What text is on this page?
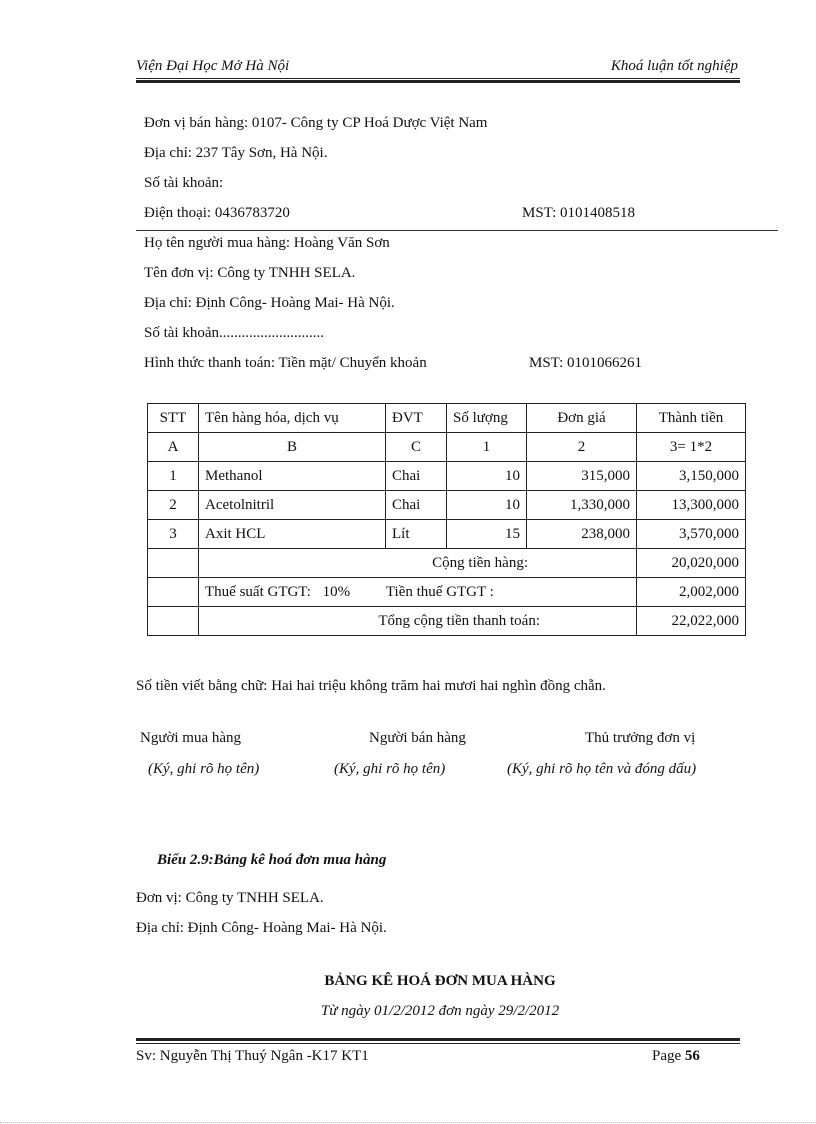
Viện Đại Học Mở Hà Nội	Khoá luận tốt nghiệp
Đơn vị bán hàng: 0107- Công ty CP Hoá Dược Việt Nam
Địa chỉ: 237 Tây Sơn, Hà Nội.
Số tài khoản:
Điện thoại: 0436783720	MST: 0101408518
Họ tên người mua hàng: Hoàng Văn Sơn
Tên đơn vị: Công ty TNHH SELA.
Địa chỉ: Định Công- Hoàng Mai- Hà Nội.
Số tài khoản............................
Hình thức thanh toán: Tiền mặt/ Chuyển khoản	MST: 0101066261
STT	Tên hàng hóa, dịch vụ	ĐVT	Số lượng	Đơn giá	Thành tiền
A	B	C	1	2	3= 1*2
1	Methanol	Chai	10	315,000	3,150,000
2	Acetolnitril	Chai	10	1,330,000	13,300,000
3	Axit HCL	Lít	15	238,000	3,570,000
	Cộng tiền hàng:				20,020,000
	Thuế suất GTGT: 10% Tiền thuế GTGT :				2,002,000
	Tổng cộng tiền thanh toán:				22,022,000
Số tiền viết bằng chữ: Hai hai triệu không trăm hai mươi hai nghìn đồng chẵn.
Người mua hàng	Người bán hàng	Thủ trưởng đơn vị
(Ký, ghi rõ họ tên)	(Ký, ghi rõ họ tên)	(Ký, ghi rõ họ tên và đóng dấu)
Biểu 2.9:Bảng kê hoá đơn mua hàng
Đơn vị: Công ty TNHH SELA.
Địa chỉ: Định Công- Hoàng Mai- Hà Nội.
BẢNG KÊ HOÁ ĐƠN MUA HÀNG
Từ ngày 01/2/2012 đơn ngày 29/2/2012
Sv: Nguyễn Thị Thuý Ngân -K17 KT1	Page 56
